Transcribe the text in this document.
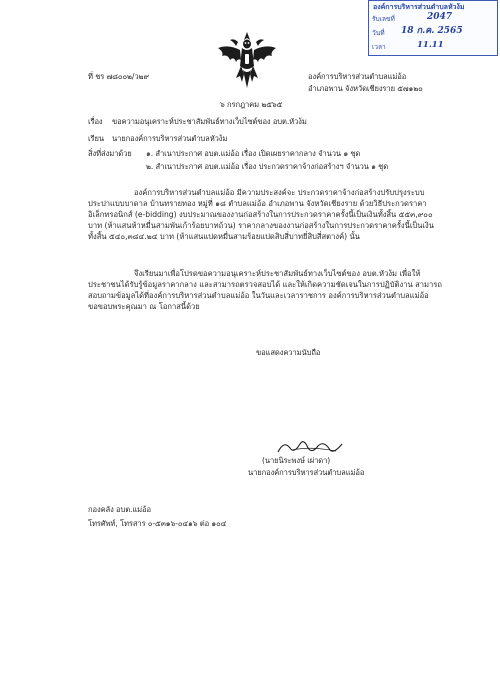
องค์การบริหารส่วนตำบลหัวง้ม
รับเลขที่	2047
วันที่ 18 ก.ค. 2565
เวลา	11.11
ที่ ชร ๗๘๐๐๒/ว๒๙	องค์การบริหารส่วนตำบลแม่อ้อ
อำเภอพาน จังหวัดเชียงราย ๕๗๑๒๐
๖ กรกฎาคม ๒๕๖๕
เรื่อง ขอความอนุเคราะห์ประชาสัมพันธ์ทางเว็บไซต์ของ อบต.หัวง้ม
เรียน นายกองค์การบริหารส่วนตำบลหัวง้ม
สิ่งที่ส่งมาด้วย ๑. สำเนาประกาศ อบต.แม่อ้อ เรื่อง เปิดเผยราคากลาง จำนวน ๑ ชุด
๒. สำเนาประกาศ อบต.แม่อ้อ เรื่อง ประกวดราคาจ้างก่อสร้างฯ จำนวน ๑ ชุด
องค์การบริหารส่วนตำบลแม่อ้อ มีความประสงค์จะ ประกวดราคาจ้างก่อสร้างปรับปรุงระบบ
ประปาแบบบาดาล บ้านทรายทอง หมู่ที่ ๑๘ ตำบลแม่อ้อ อำเภอพาน จังหวัดเชียงราย ด้วยวิธีประกวดราคา
อิเล็กทรอนิกส์ (e-bidding) งบประมาณของงานก่อสร้างในการประกวดราคาครั้งนี้เป็นเงินทั้งสิ้น ๕๕๓,๙๐๐
บาท (ห้าแสนห้าหมื่นสามพันเก้าร้อยบาทถ้วน) ราคากลางของงานก่อสร้างในการประกวดราคาครั้งนี้เป็นเงิน
ทั้งสิ้น ๕๔๐,๓๘๔.๒๔ บาท (ห้าแสนแปดหมื่นสามร้อยแปดสิบสี่บาทยี่สิบสี่สตางค์) นั้น
จึงเรียนมาเพื่อโปรดขอความอนุเคราะห์ประชาสัมพันธ์ทางเว็บไซต์ของ อบต.หัวง้ม เพื่อให้
ประชาชนได้รับรู้ข้อมูลราคากลาง และสามารถตรวจสอบได้ และให้เกิดความชัดเจนในการปฏิบัติงาน สามารถ
สอบถามข้อมูลได้ที่องค์การบริหารส่วนตำบลแม่อ้อ ในวันและเวลาราชการ องค์การบริหารส่วนตำบลแม่อ้อ
ขอขอบพระคุณมา ณ โอกาสนี้ด้วย
ขอแสดงความนับถือ
(นายนิระพงษ์ เผ่าดา)
นายกองค์การบริหารส่วนตำบลแม่อ้อ
กองคลัง อบต.แม่อ้อ
โทรศัพท์, โทรสาร ๐-๕๓๑๖-๐๔๑๖ ต่อ ๑๐๔
